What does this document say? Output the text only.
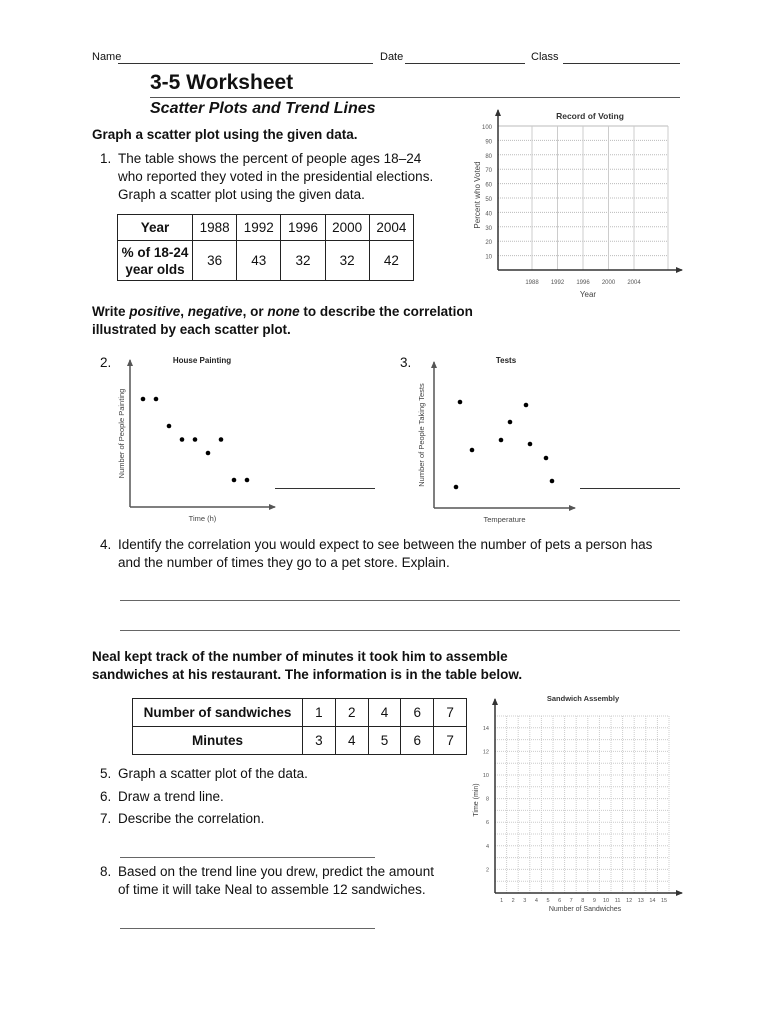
Name	Date	Class
3-5 Worksheet
Scatter Plots and Trend Lines
Graph a scatter plot using the given data.
1. The table shows the percent of people ages 18–24
who reported they voted in the presidential elections.
Graph a scatter plot using the given data.
Year	1988	1992	1996	2000	2004

% of 18-24
year olds	36	43	32	32	42
Record of Voting
10
20
30
40
50
60
70
80
90
100
1988 1992 1996 2000 2004
Year
Percent who Voted
Write positive, negative, or none to describe the correlation
illustrated by each scatter plot.
2.	3.
House Painting
Time (h)
Number of People Painting
Tests
Temperature
Number of People Taking Tests
4. Identify the correlation you would expect to see between the number of pets a person has
and the number of times they go to a pet store. Explain.
Neal kept track of the number of minutes it took him to assemble
sandwiches at his restaurant. The information is in the table below.
Number of sandwiches	1	2	4	6	7
Minutes	3	4	5	6	7
5. Graph a scatter plot of the data.
6. Draw a trend line.
7. Describe the correlation.
8. Based on the trend line you drew, predict the amount
of time it will take Neal to assemble 12 sandwiches.
Sandwich Assembly
1 2 3 4 5 6 7 8 9 10 11 12 13 14 15
2
4
6
8
10
12
14
Number of Sandwiches
Time (min)
